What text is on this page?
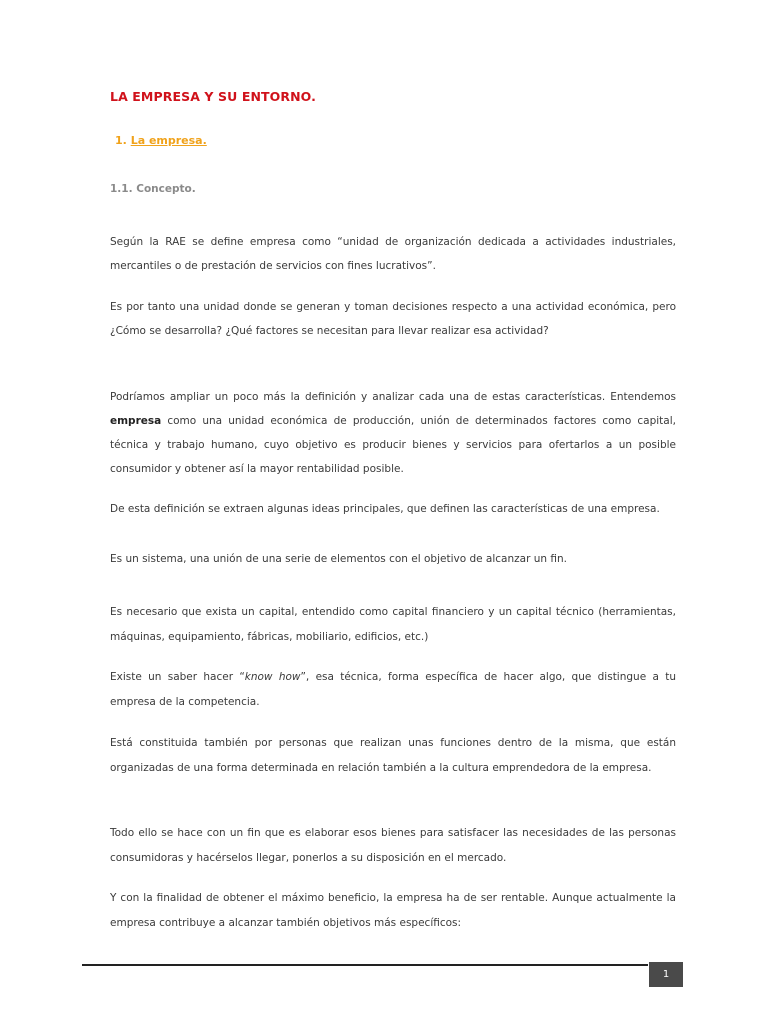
LA EMPRESA Y SU ENTORNO.
1. La empresa.
1.1. Concepto.

Según la RAE se define empresa como “unidad de organización dedicada a actividades industriales, mercantiles o de prestación de servicios con fines lucrativos”.

Es por tanto una unidad donde se generan y toman decisiones respecto a una actividad económica, pero ¿Cómo se desarrolla? ¿Qué factores se necesitan para llevar realizar esa actividad?

Podríamos ampliar un poco más la definición y analizar cada una de estas características. Entendemos empresa como una unidad económica de producción, unión de determinados factores como capital, técnica y trabajo humano, cuyo objetivo es producir bienes y servicios para ofertarlos a un posible consumidor y obtener así la mayor rentabilidad posible.

De esta definición se extraen algunas ideas principales, que definen las características de una empresa.

Es un sistema, una unión de una serie de elementos con el objetivo de alcanzar un fin.

Es necesario que exista un capital, entendido como capital financiero y un capital técnico (herramientas, máquinas, equipamiento, fábricas, mobiliario, edificios, etc.)

Existe un saber hacer “know how”, esa técnica, forma específica de hacer algo, que distingue a tu empresa de la competencia.

Está constituida también por personas que realizan unas funciones dentro de la misma, que están organizadas de una forma determinada en relación también a la cultura emprendedora de la empresa.

Todo ello se hace con un fin que es elaborar esos bienes para satisfacer las necesidades de las personas consumidoras y hacérselos llegar, ponerlos a su disposición en el mercado.

Y con la finalidad de obtener el máximo beneficio, la empresa ha de ser rentable. Aunque actualmente la empresa contribuye a alcanzar también objetivos más específicos:

1
